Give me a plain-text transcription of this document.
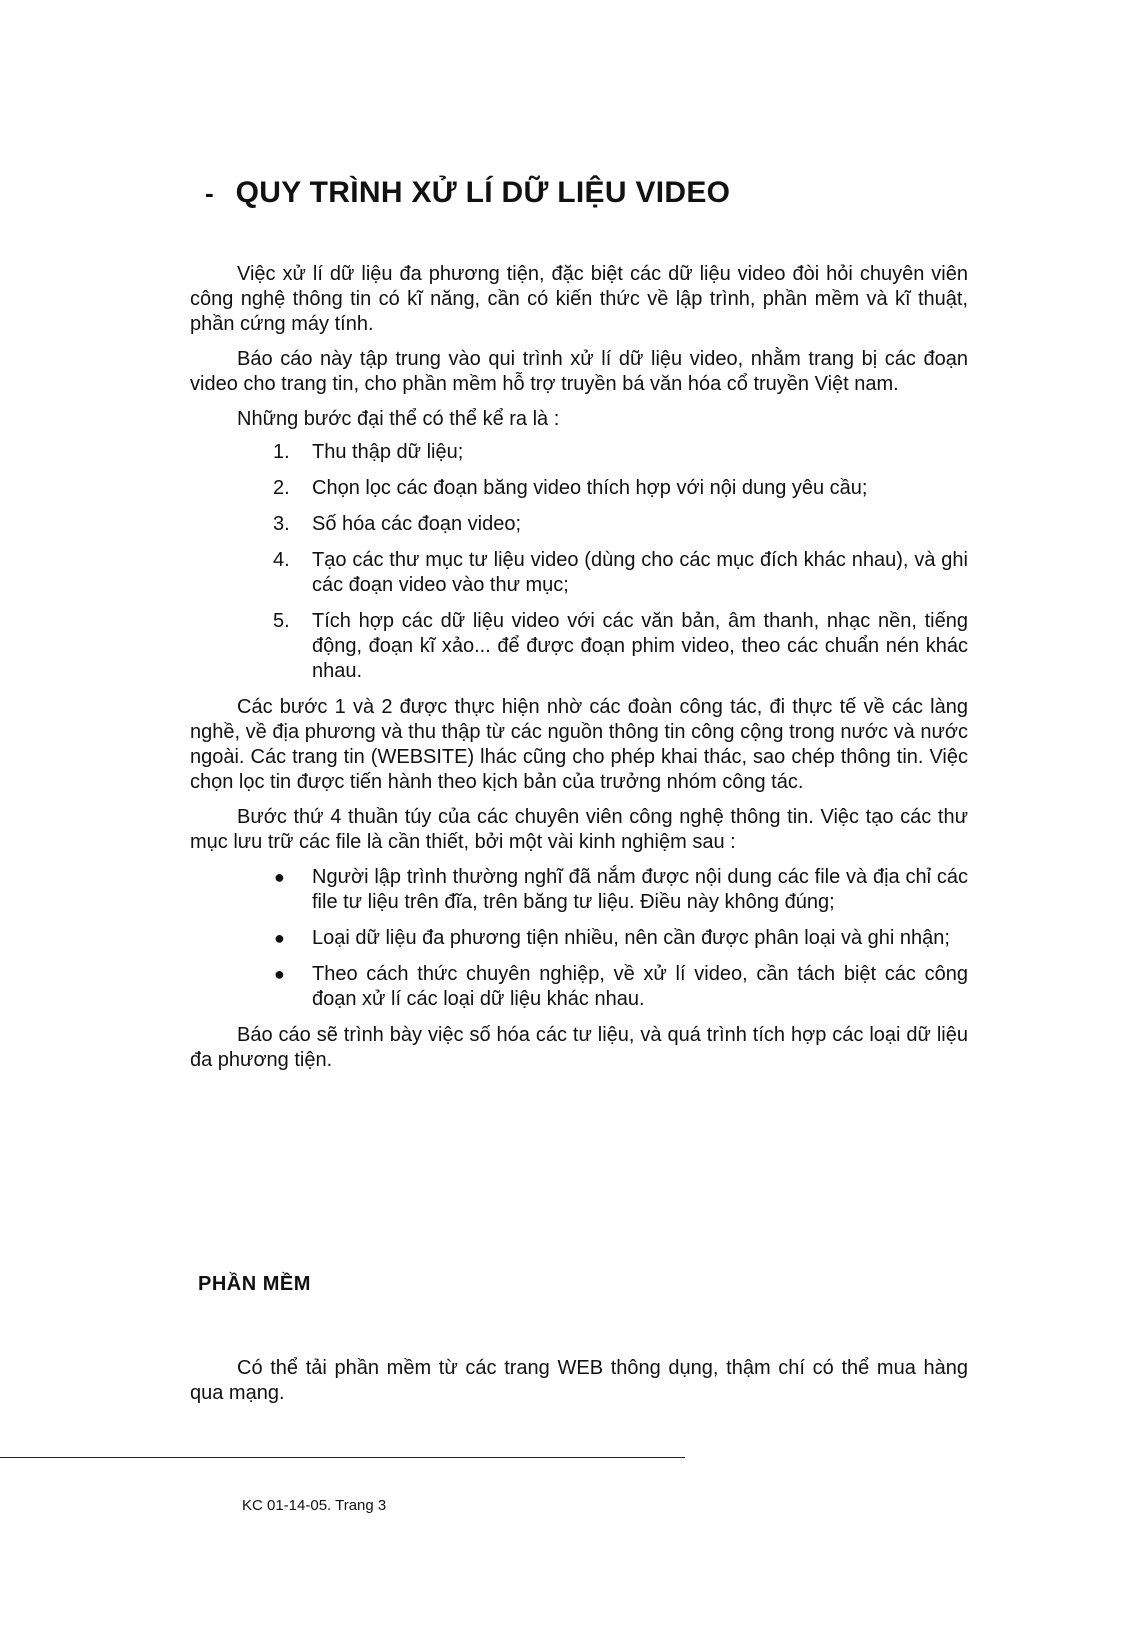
- QUY TRÌNH XỬ LÍ DỮ LIỆU VIDEO

Việc xử lí dữ liệu đa phương tiện, đặc biệt các dữ liệu video đòi hỏi chuyên viên công nghệ thông tin có kĩ năng, cần có kiến thức về lập trình, phần mềm và kĩ thuật, phần cứng máy tính.

Báo cáo này tập trung vào qui trình xử lí dữ liệu video, nhằm trang bị các đoạn video cho trang tin, cho phần mềm hỗ trợ truyền bá văn hóa cổ truyền Việt nam.

Những bước đại thể có thể kể ra là :

1. Thu thập dữ liệu;
2. Chọn lọc các đoạn băng video thích hợp với nội dung yêu cầu;
3. Số hóa các đoạn video;
4. Tạo các thư mục tư liệu video (dùng cho các mục đích khác nhau), và ghi các đoạn video vào thư mục;
5. Tích hợp các dữ liệu video với các văn bản, âm thanh, nhạc nền, tiếng động, đoạn kĩ xảo... để được đoạn phim video, theo các chuẩn nén khác nhau.

Các bước 1 và 2 được thực hiện nhờ các đoàn công tác, đi thực tế về các làng nghề, về địa phương và thu thập từ các nguồn thông tin công cộng trong nước và nước ngoài. Các trang tin (WEBSITE) lhác cũng cho phép khai thác, sao chép thông tin. Việc chọn lọc tin được tiến hành theo kịch bản của trưởng nhóm công tác.

Bước thứ 4 thuần túy của các chuyên viên công nghệ thông tin. Việc tạo các thư mục lưu trữ các file là cần thiết, bởi một vài kinh nghiệm sau :

● Người lập trình thường nghĩ đã nắm được nội dung các file và địa chỉ các file tư liệu trên đĩa, trên băng tư liệu. Điều này không đúng;
● Loại dữ liệu đa phương tiện nhiều, nên cần được phân loại và ghi nhận;
● Theo cách thức chuyên nghiệp, về xử lí video, cần tách biệt các công đoạn xử lí các loại dữ liệu khác nhau.

Báo cáo sẽ trình bày việc số hóa các tư liệu, và quá trình tích hợp các loại dữ liệu đa phương tiện.

PHẦN MỀM

Có thể tải phần mềm từ các trang WEB thông dụng, thậm chí có thể mua hàng qua mạng.

KC 01-14-05. Trang 3
